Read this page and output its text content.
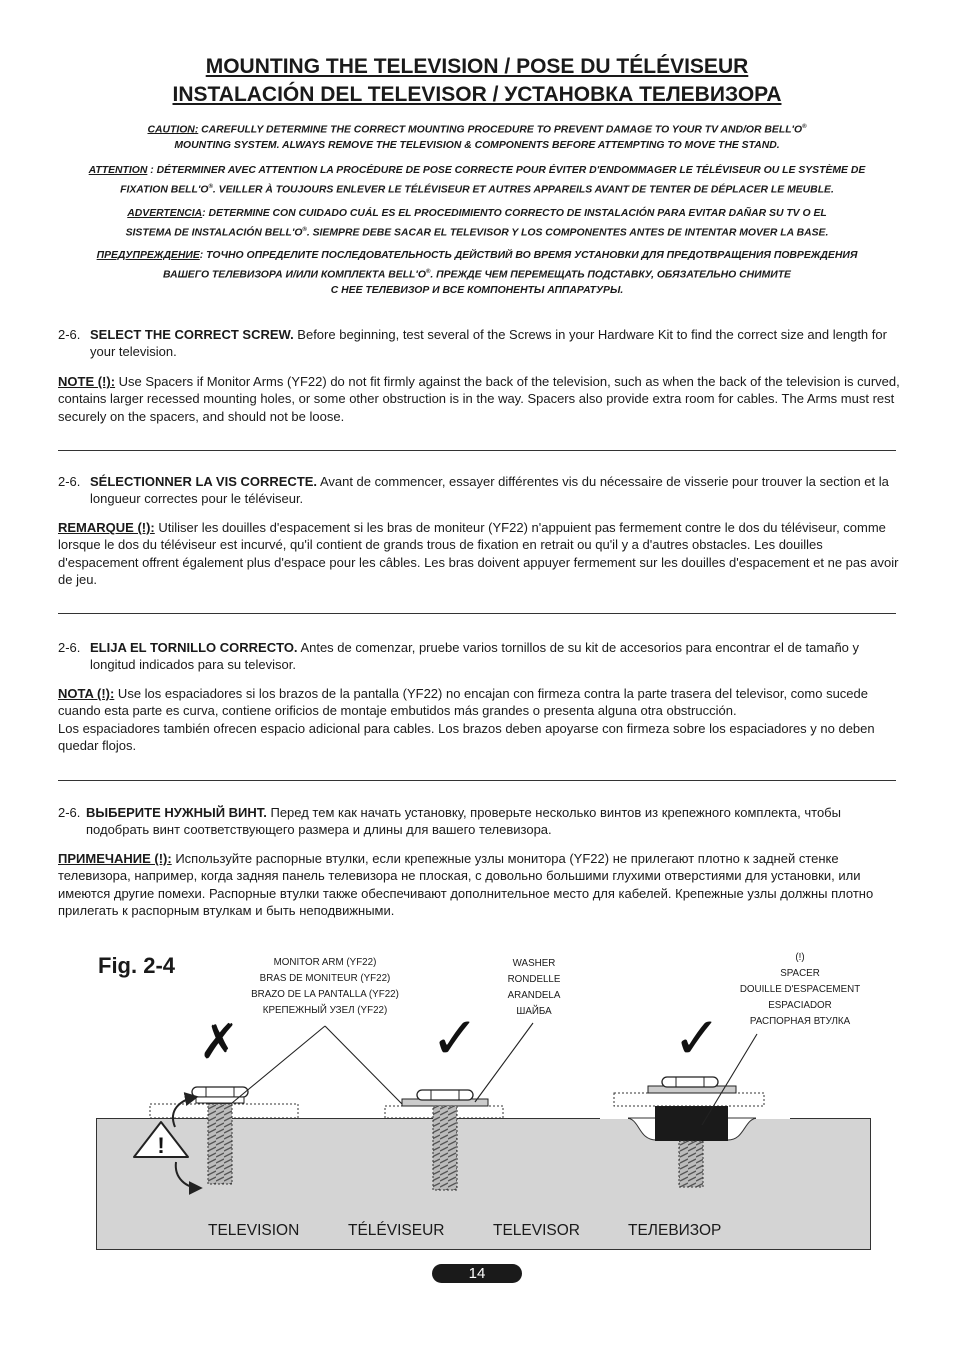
MOUNTING THE TELEVISION / POSE DU TÉLÉVISEUR
INSTALACIÓN DEL TELEVISOR / УСТАНОВКА ТЕЛЕВИЗОРА
CAUTION: CAREFULLY DETERMINE THE CORRECT MOUNTING PROCEDURE TO PREVENT DAMAGE TO YOUR TV AND/OR BELL'O®
MOUNTING SYSTEM. ALWAYS REMOVE THE TELEVISION & COMPONENTS BEFORE ATTEMPTING TO MOVE THE STAND.
ATTENTION : DÉTERMINER AVEC ATTENTION LA PROCÉDURE DE POSE CORRECTE POUR ÉVITER D'ENDOMMAGER LE TÉLÉVISEUR OU LE SYSTÈME DE
FIXATION BELL'O®. VEILLER À TOUJOURS ENLEVER LE TÉLÉVISEUR ET AUTRES APPAREILS AVANT DE TENTER DE DÉPLACER LE MEUBLE.
ADVERTENCIA: DETERMINE CON CUIDADO CUÁL ES EL PROCEDIMIENTO CORRECTO DE INSTALACIÓN PARA EVITAR DAÑAR SU TV O EL
SISTEMA DE INSTALACIÓN BELL'O®. SIEMPRE DEBE SACAR EL TELEVISOR Y LOS COMPONENTES ANTES DE INTENTAR MOVER LA BASE.
ПРЕДУПРЕЖДЕНИЕ: ТОЧНО ОПРЕДЕЛИТЕ ПОСЛЕДОВАТЕЛЬНОСТЬ ДЕЙСТВИЙ ВО ВРЕМЯ УСТАНОВКИ ДЛЯ ПРЕДОТВРАЩЕНИЯ ПОВРЕЖДЕНИЯ
ВАШЕГО ТЕЛЕВИЗОРА И/ИЛИ КОМПЛЕКТА BELL'O®. ПРЕЖДЕ ЧЕМ ПЕРЕМЕЩАТЬ ПОДСТАВКУ, ОБЯЗАТЕЛЬНО СНИМИТЕ
С НЕЕ ТЕЛЕВИЗОР И ВСЕ КОМПОНЕНТЫ АППАРАТУРЫ.
2-6. SELECT THE CORRECT SCREW. Before beginning, test several of the Screws in your Hardware Kit to find the correct size and length for your television.
NOTE (!): Use Spacers if Monitor Arms (YF22) do not fit firmly against the back of the television, such as when the back of the television is curved, contains larger recessed mounting holes, or some other obstruction is in the way. Spacers also provide extra room for cables. The Arms must rest securely on the spacers, and should not be loose.
2-6. SÉLECTIONNER LA VIS CORRECTE. Avant de commencer, essayer différentes vis du nécessaire de visserie pour trouver la section et la longueur correctes pour le téléviseur.
REMARQUE (!): Utiliser les douilles d'espacement si les bras de moniteur (YF22) n'appuient pas fermement contre le dos du téléviseur, comme lorsque le dos du téléviseur est incurvé, qu'il contient de grands trous de fixation en retrait ou qu'il y a d'autres obstacles. Les douilles d'espacement offrent également plus d'espace pour les câbles. Les bras doivent appuyer fermement sur les douilles d'espacement et ne pas avoir de jeu.
2-6. ELIJA EL TORNILLO CORRECTO. Antes de comenzar, pruebe varios tornillos de su kit de accesorios para encontrar el de tamaño y longitud indicados para su televisor.
NOTA (!): Use los espaciadores si los brazos de la pantalla (YF22) no encajan con firmeza contra la parte trasera del televisor, como sucede cuando esta parte es curva, contiene orificios de montaje embutidos más grandes o presenta alguna otra obstrucción.
Los espaciadores también ofrecen espacio adicional para cables. Los brazos deben apoyarse con firmeza sobre los espaciadores y no deben quedar flojos.
2-6. ВЫБЕРИТЕ НУЖНЫЙ ВИНТ. Перед тем как начать установку, проверьте несколько винтов из крепежного комплекта, чтобы подобрать винт соответствующего размера и длины для вашего телевизора.
ПРИМЕЧАНИЕ (!): Используйте распорные втулки, если крепежные узлы монитора (YF22) не прилегают плотно к задней стенке телевизора, например, когда задняя панель телевизора не плоская, с довольно большими глухими отверстиями для установки, или имеются другие помехи. Распорные втулки также обеспечивают дополнительное место для кабелей. Крепежные узлы должны плотно прилегать к распорным втулкам и быть неподвижными.
Fig. 2-4	MONITOR ARM (YF22)
BRAS DE MONITEUR (YF22)
BRAZO DE LA PANTALLA (YF22)
КРЕПЕЖНЫЙ УЗЕЛ (YF22)
WASHER
RONDELLE
ARANDELA
ШАЙБА
(!)
SPACER
DOUILLE D'ESPACEMENT
ESPACIADOR
РАСПОРНАЯ ВТУЛКА
!
✗	✓	✓
TELEVISION	TÉLÉVISEUR	TELEVISOR	ТЕЛЕВИЗОР
14
